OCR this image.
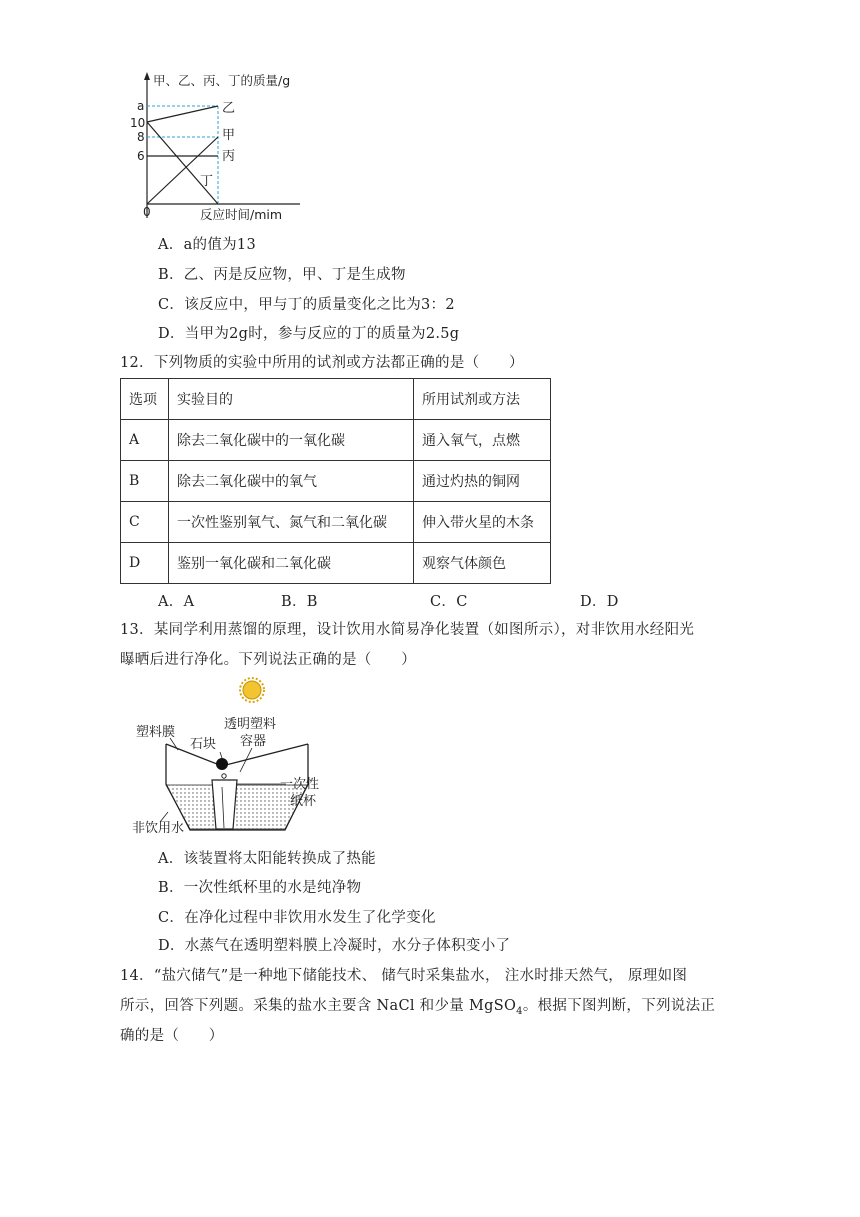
甲、乙、丙、丁的质量/g
a
10
8
6
0	反应时间/mim
乙
甲
丙
丁
A．a的值为13
B．乙、丙是反应物，甲、丁是生成物
C．该反应中，甲与丁的质量变化之比为3：2
D．当甲为2g时，参与反应的丁的质量为2.5g
12．下列物质的实验中所用的试剂或方法都正确的是（　　）
选项	实验目的	所用试剂或方法
A	除去二氧化碳中的一氧化碳	通入氧气，点燃
B	除去二氧化碳中的氧气	通过灼热的铜网
C	一次性鉴别氧气、氮气和二氧化碳	伸入带火星的木条
D	鉴别一氧化碳和二氧化碳	观察气体颜色
A．A	B．B	C．C	D．D
13．某同学利用蒸馏的原理，设计饮用水简易净化装置（如图所示），对非饮用水经阳光
曝晒后进行净化。下列说法正确的是（　　）
塑料膜
石块
透明塑料
容器
一次性
纸杯
非饮用水
A．该装置将太阳能转换成了热能
B．一次性纸杯里的水是纯净物
C．在净化过程中非饮用水发生了化学变化
D．水蒸气在透明塑料膜上冷凝时，水分子体积变小了
14．“盐穴储气”是一种地下储能技术、 储气时采集盐水， 注水时排天然气， 原理如图
所示，回答下列题。采集的盐水主要含 NaCl 和少量 MgSO$_4$。根据下图判断，下列说法正
确的是（　　）
